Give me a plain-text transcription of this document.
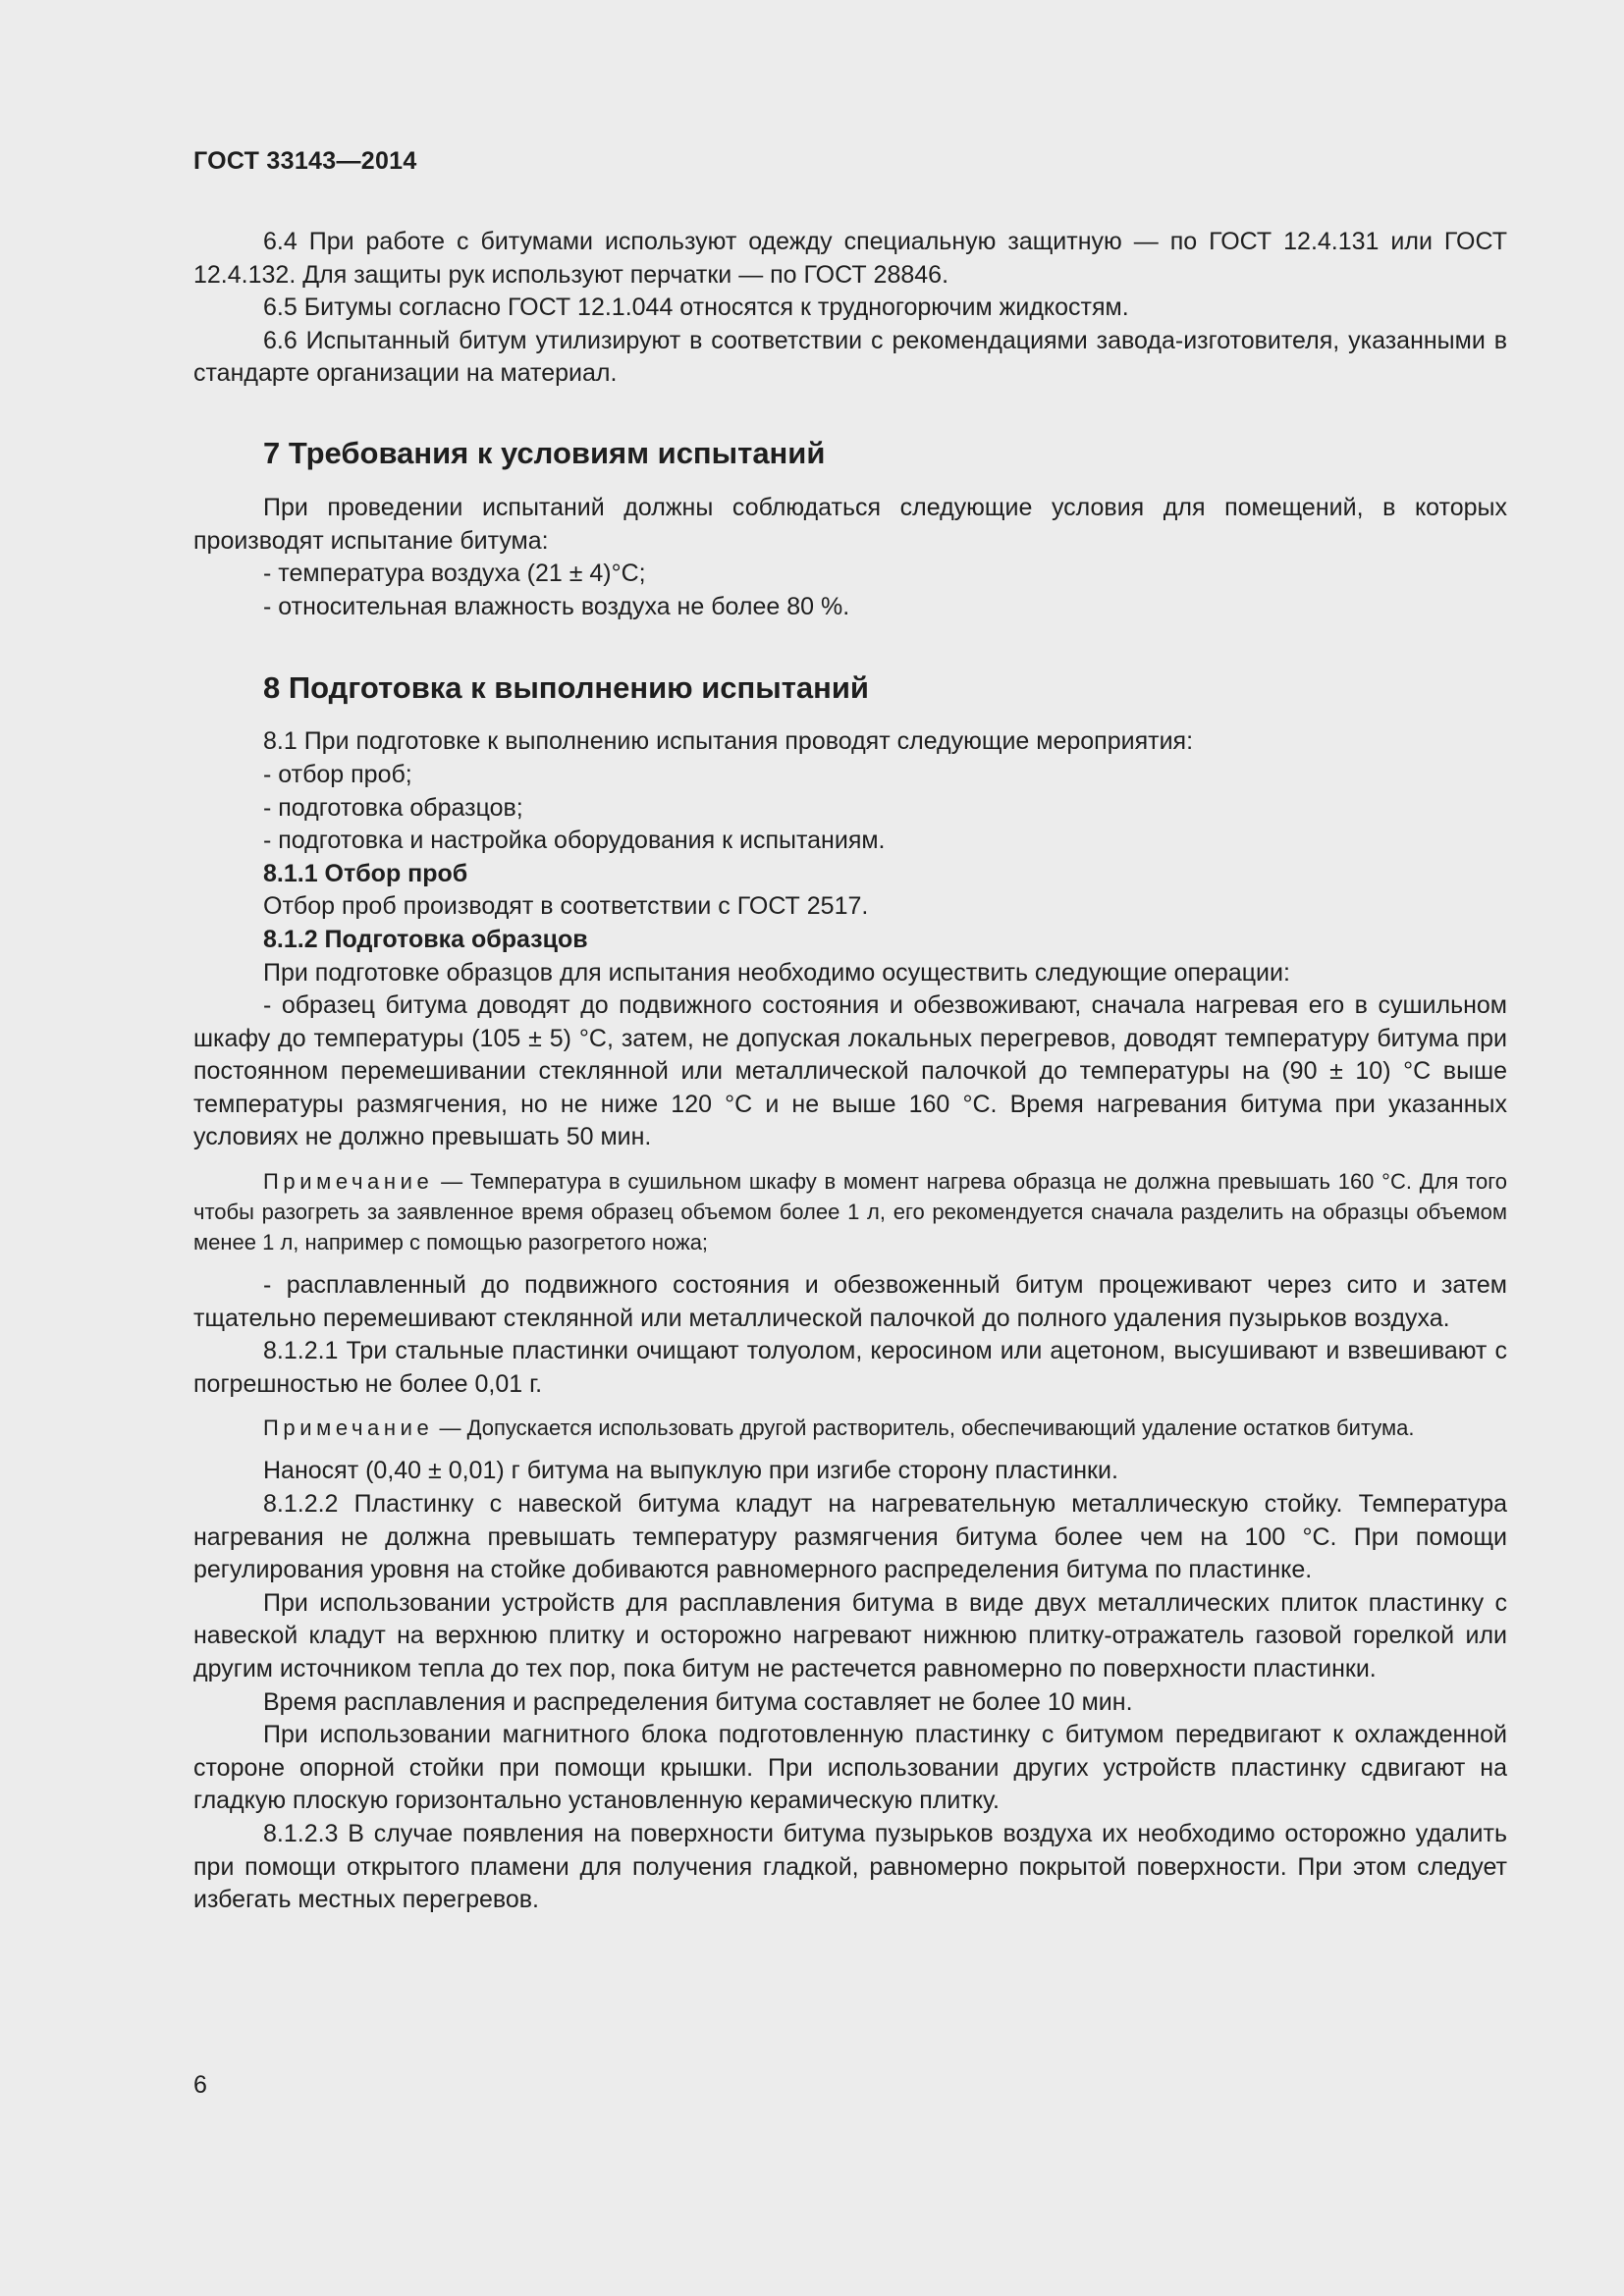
ГОСТ 33143—2014

6.4 При работе с битумами используют одежду специальную защитную — по ГОСТ 12.4.131 или ГОСТ 12.4.132. Для защиты рук используют перчатки — по ГОСТ 28846.

6.5 Битумы согласно ГОСТ 12.1.044 относятся к трудногорючим жидкостям.

6.6 Испытанный битум утилизируют в соответствии с рекомендациями завода-изготовителя, указанными в стандарте организации на материал.

7 Требования к условиям испытаний

При проведении испытаний должны соблюдаться следующие условия для помещений, в которых производят испытание битума:

- температура воздуха (21 ± 4)°С;

- относительная влажность воздуха не более 80 %.

8 Подготовка к выполнению испытаний

8.1 При подготовке к выполнению испытания проводят следующие мероприятия:

- отбор проб;

- подготовка образцов;

- подготовка и настройка оборудования к испытаниям.

8.1.1 Отбор проб

Отбор проб производят в соответствии с ГОСТ 2517.

8.1.2 Подготовка образцов

При подготовке образцов для испытания необходимо осуществить следующие операции:

- образец битума доводят до подвижного состояния и обезвоживают, сначала нагревая его в сушильном шкафу до температуры (105 ± 5) °С, затем, не допуская локальных перегревов, доводят температуру битума при постоянном перемешивании стеклянной или металлической палочкой до температуры на (90 ± 10) °С выше температуры размягчения, но не ниже 120 °С и не выше 160 °С. Время нагревания битума при указанных условиях не должно превышать 50 мин.

Примечание — Температура в сушильном шкафу в момент нагрева образца не должна превышать 160 °С. Для того чтобы разогреть за заявленное время образец объемом более 1 л, его рекомендуется сначала разделить на образцы объемом менее 1 л, например с помощью разогретого ножа;

- расплавленный до подвижного состояния и обезвоженный битум процеживают через сито и затем тщательно перемешивают стеклянной или металлической палочкой до полного удаления пузырьков воздуха.

8.1.2.1 Три стальные пластинки очищают толуолом, керосином или ацетоном, высушивают и взвешивают с погрешностью не более 0,01 г.

Примечание — Допускается использовать другой растворитель, обеспечивающий удаление остатков битума.

Наносят (0,40 ± 0,01) г битума на выпуклую при изгибе сторону пластинки.

8.1.2.2 Пластинку с навеской битума кладут на нагревательную металлическую стойку. Температура нагревания не должна превышать температуру размягчения битума более чем на 100 °С. При помощи регулирования уровня на стойке добиваются равномерного распределения битума по пластинке.

При использовании устройств для расплавления битума в виде двух металлических плиток пластинку с навеской кладут на верхнюю плитку и осторожно нагревают нижнюю плитку-отражатель газовой горелкой или другим источником тепла до тех пор, пока битум не растечется равномерно по поверхности пластинки.

Время расплавления и распределения битума составляет не более 10 мин.

При использовании магнитного блока подготовленную пластинку с битумом передвигают к охлажденной стороне опорной стойки при помощи крышки. При использовании других устройств пластинку сдвигают на гладкую плоскую горизонтально установленную керамическую плитку.

8.1.2.3 В случае появления на поверхности битума пузырьков воздуха их необходимо осторожно удалить при помощи открытого пламени для получения гладкой, равномерно покрытой поверхности. При этом следует избегать местных перегревов.

6
